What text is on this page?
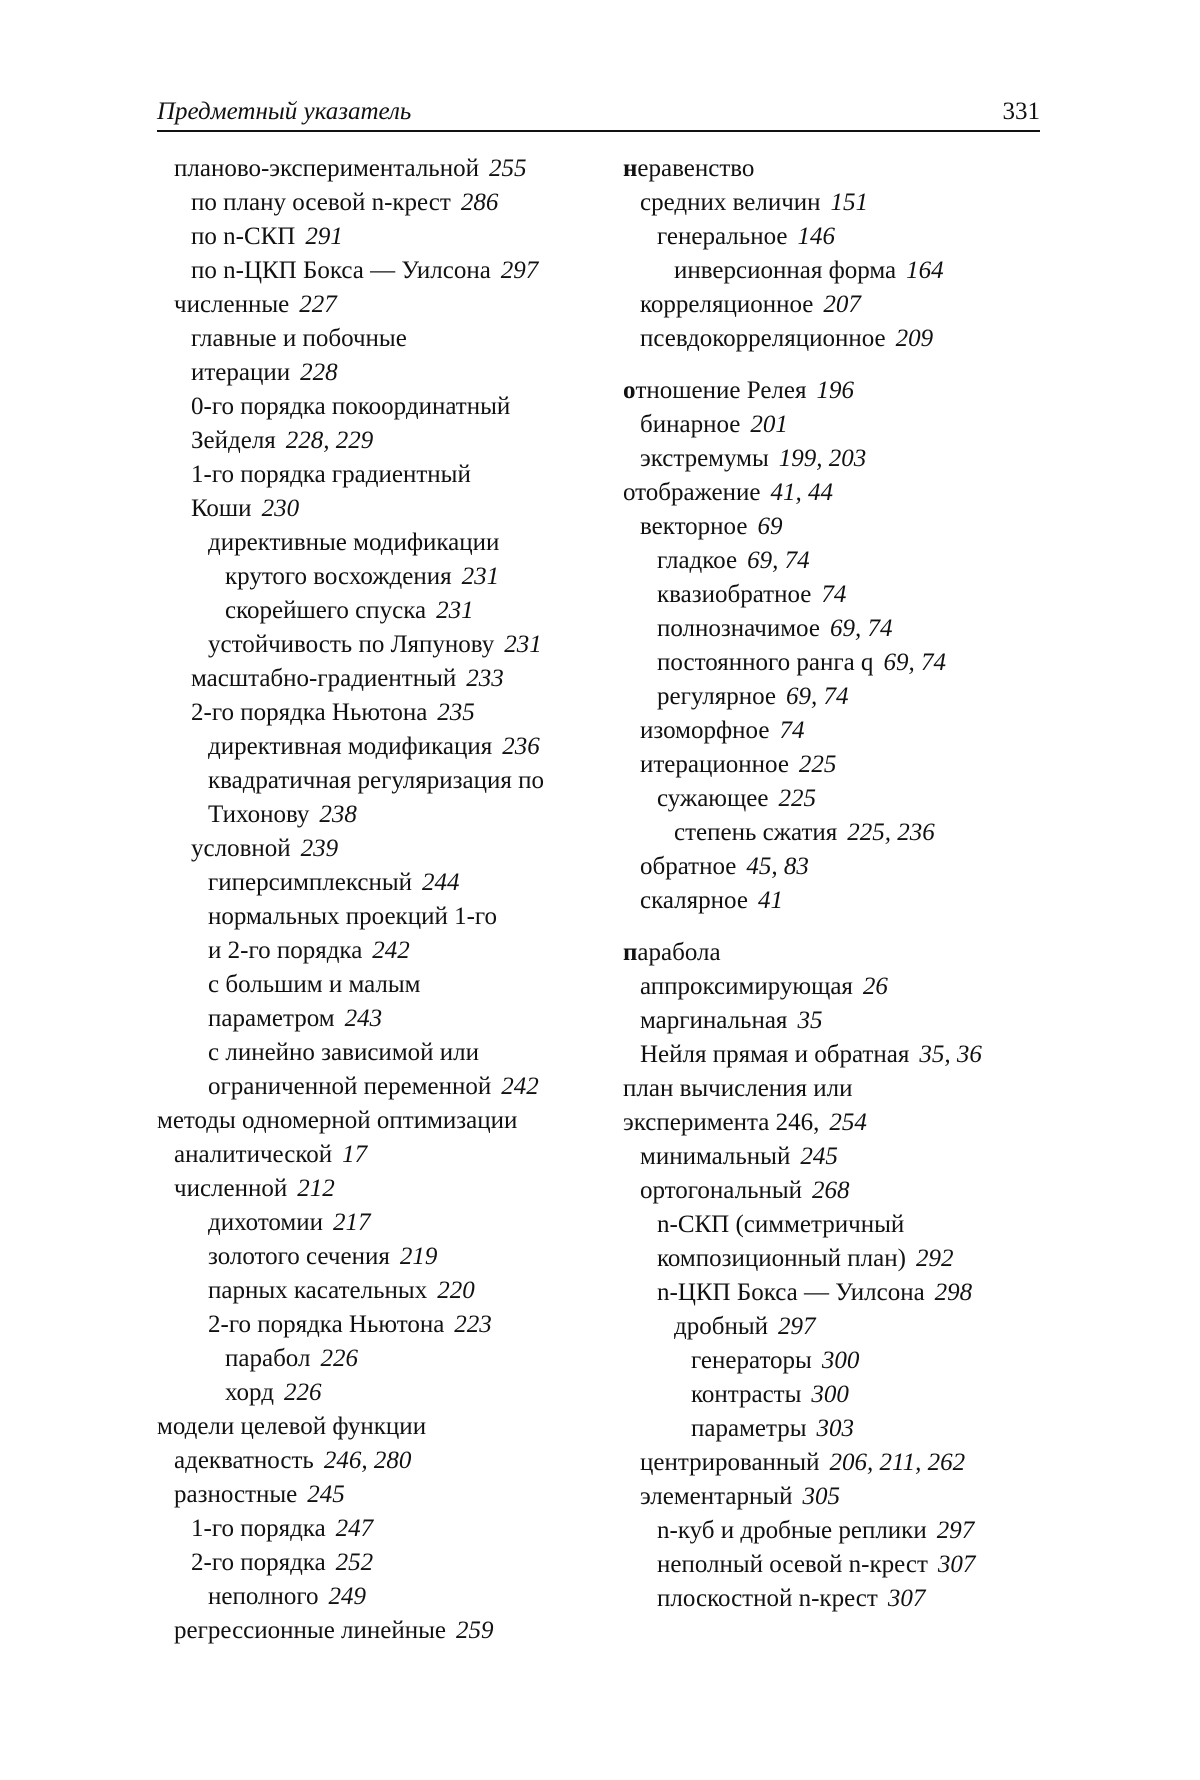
Предметный указатель	331
планово-экспериментальной 255
по плану осевой n-крест 286
по n-СКП 291
по n-ЦКП Бокса — Уилсона 297
численные 227
главные и побочные
итерации 228
0-го порядка покоординатный
Зейделя 228, 229
1-го порядка градиентный
Коши 230
директивные модификации
крутого восхождения 231
скорейшего спуска 231
устойчивость по Ляпунову 231
масштабно-градиентный 233
2-го порядка Ньютона 235
директивная модификация 236
квадратичная регуляризация по
Тихонову 238
условной 239
гиперсимплексный 244
нормальных проекций 1-го
и 2-го порядка 242
с большим и малым
параметром 243
с линейно зависимой или
ограниченной переменной 242
методы одномерной оптимизации
аналитической 17
численной 212
дихотомии 217
золотого сечения 219
парных касательных 220
2-го порядка Ньютона 223
парабол 226
хорд 226
модели целевой функции
адекватность 246, 280
разностные 245
1-го порядка 247
2-го порядка 252
неполного 249
регрессионные линейные 259
неравенство
средних величин 151
генеральное 146
инверсионная форма 164
корреляционное 207
псевдокорреляционное 209
отношение Релея 196
бинарное 201
экстремумы 199, 203
отображение 41, 44
векторное 69
гладкое 69, 74
квазиобратное 74
полнозначимое 69, 74
постоянного ранга q 69, 74
регулярное 69, 74
изоморфное 74
итерационное 225
сужающее 225
степень сжатия 225, 236
обратное 45, 83
скалярное 41
парабола
аппроксимирующая 26
маргинальная 35
Нейля прямая и обратная 35, 36
план вычисления или
эксперимента 246, 254
минимальный 245
ортогональный 268
n-СКП (симметричный
композиционный план) 292
n-ЦКП Бокса — Уилсона 298
дробный 297
генераторы 300
контрасты 300
параметры 303
центрированный 206, 211, 262
элементарный 305
n-куб и дробные реплики 297
неполный осевой n-крест 307
плоскостной n-крест 307
